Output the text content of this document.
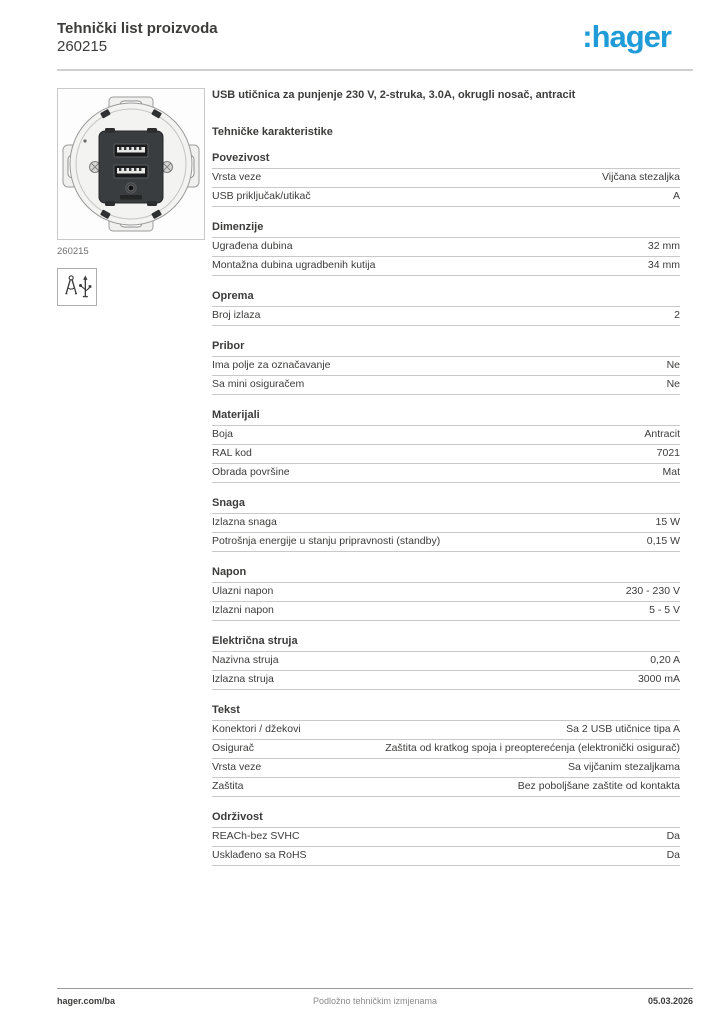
Tehnički list proizvoda
260215	:hager
260215
USB utičnica za punjenje 230 V, 2-struka, 3.0A, okrugli nosač, antracit
Tehničke karakteristike
Povezivost
Vrsta veze	Vijčana stezaljka
USB priključak/utikač	A
Dimenzije
Ugrađena dubina	32 mm
Montažna dubina ugradbenih kutija	34 mm
Oprema
Broj izlaza	2
Pribor
Ima polje za označavanje	Ne
Sa mini osiguračem	Ne
Materijali
Boja	Antracit
RAL kod	7021
Obrada površine	Mat
Snaga
Izlazna snaga	15 W
Potrošnja energije u stanju pripravnosti (standby)	0,15 W
Napon
Ulazni napon	230 - 230 V
Izlazni napon	5 - 5 V
Električna struja
Nazivna struja	0,20 A
Izlazna struja	3000 mA
Tekst
Konektori / džekovi	Sa 2 USB utičnice tipa A
Osigurač	Zaštita od kratkog spoja i preopterećenja (elektronički osigurač)
Vrsta veze	Sa vijčanim stezaljkama
Zaštita	Bez poboljšane zaštite od kontakta
Održivost
REACh-bez SVHC	Da
Usklađeno sa RoHS	Da
hager.com/ba	Podložno tehničkim izmjenama	05.03.2026
